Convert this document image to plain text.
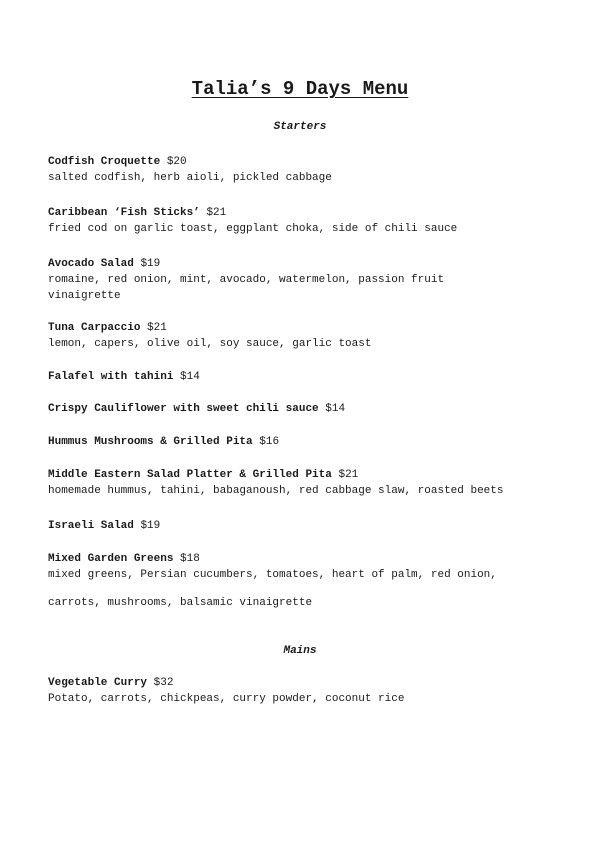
Talia’s 9 Days Menu
Starters
Codfish Croquette $20
salted codfish, herb aioli, pickled cabbage
Caribbean ‘Fish Sticks’ $21
fried cod on garlic toast, eggplant choka, side of chili sauce
Avocado Salad $19
romaine, red onion, mint, avocado, watermelon, passion fruit vinaigrette
Tuna Carpaccio $21
lemon, capers, olive oil, soy sauce, garlic toast
Falafel with tahini $14
Crispy Cauliflower with sweet chili sauce $14
Hummus Mushrooms & Grilled Pita $16
Middle Eastern Salad Platter & Grilled Pita $21
homemade hummus, tahini, babaganoush, red cabbage slaw, roasted beets
Israeli Salad $19
Mixed Garden Greens $18
mixed greens, Persian cucumbers, tomatoes, heart of palm, red onion,
carrots, mushrooms, balsamic vinaigrette
Mains
Vegetable Curry $32
Potato, carrots, chickpeas, curry powder, coconut rice
